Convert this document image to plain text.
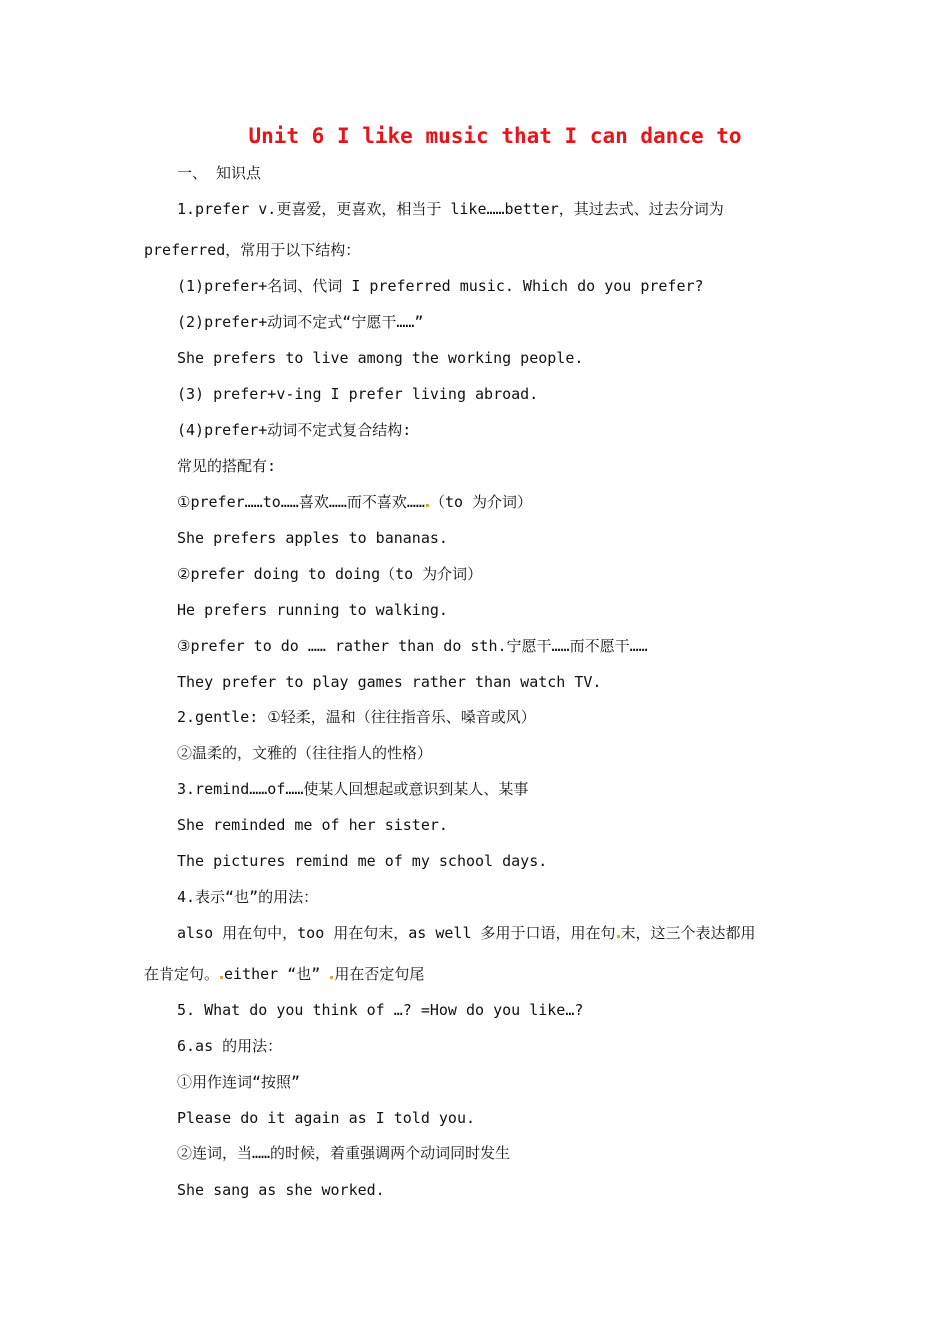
Unit 6 I like music that I can dance to
一、 知识点
1.prefer v.更喜爱，更喜欢，相当于 like……better，其过去式、过去分词为
preferred，常用于以下结构：
(1)prefer+名词、代词 I preferred music. Which do you prefer?
(2)prefer+动词不定式“宁愿干……”
She prefers to live among the working people.
(3) prefer+v-ing I prefer living abroad.
(4)prefer+动词不定式复合结构:
常见的搭配有:
①prefer……to……喜欢……而不喜欢…… （to 为介词）
She prefers apples to bananas.
②prefer doing to doing（to 为介词）
He prefers running to walking.
③prefer to do …… rather than do sth.宁愿干……而不愿干……
They prefer to play games rather than watch TV.
2.gentle: ①轻柔，温和（往往指音乐、嗓音或风）
②温柔的，文雅的（往往指人的性格）
3.remind……of……使某人回想起或意识到某人、某事
She reminded me of her sister.
The pictures remind me of my school days.
4.表示“也”的用法：
also 用在句中，too 用在句末，as well 多用于口语，用在句 末，这三个表达都用
在肯定句。 either “也” 用在否定句尾
5. What do you think of …? =How do you like…?
6.as 的用法：
①用作连词“按照”
Please do it again as I told you.
②连词，当……的时候，着重强调两个动词同时发生
She sang as she worked.
